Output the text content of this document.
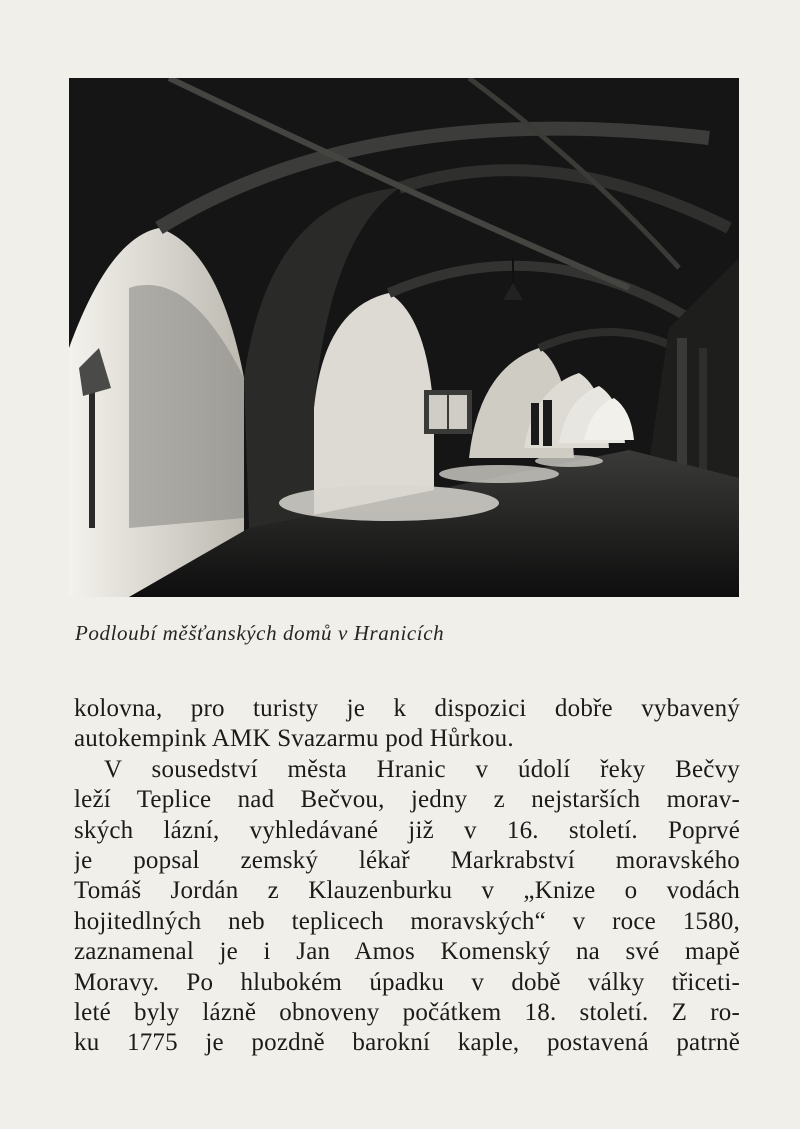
Podloubí měšťanských domů v Hranicích
kolovna, pro turisty je k dispozici dobře vybavený
autokempink AMK Svazarmu pod Hůrkou.
V sousedství města Hranic v údolí řeky Bečvy
leží Teplice nad Bečvou, jedny z nejstarších morav-
ských lázní, vyhledávané již v 16. století. Poprvé
je popsal zemský lékař Markrabství moravského
Tomáš Jordán z Klauzenburku v „Knize o vodách
hojitedlných neb teplicech moravských“ v roce 1580,
zaznamenal je i Jan Amos Komenský na své mapě
Moravy. Po hlubokém úpadku v době války třiceti-
leté byly lázně obnoveny počátkem 18. století. Z ro-
ku 1775 je pozdně barokní kaple, postavená patrně
